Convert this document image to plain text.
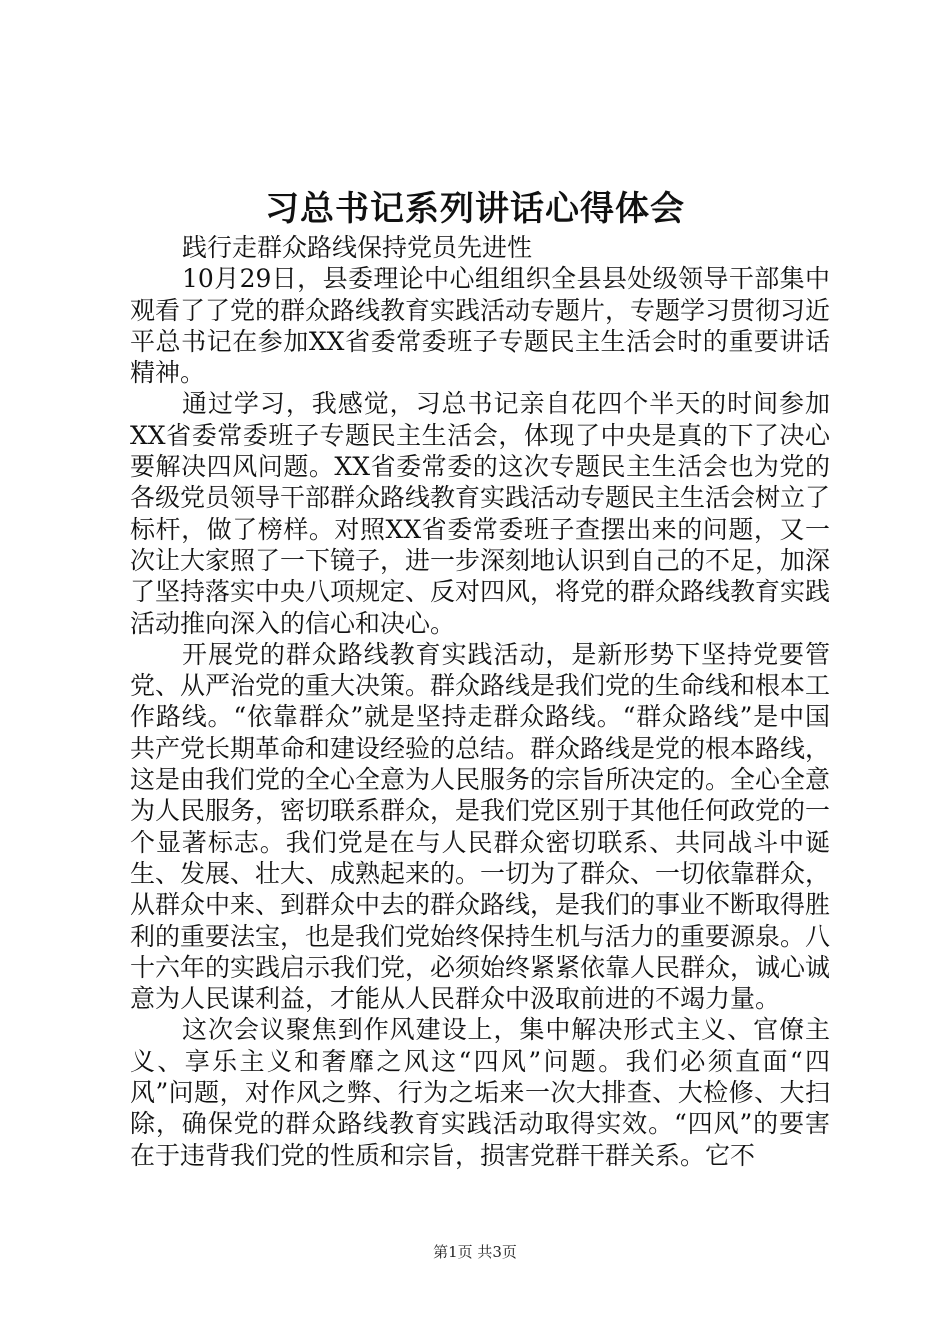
习总书记系列讲话心得体会

践行走群众路线保持党员先进性

10月29日，县委理论中心组组织全县县处级领导干部集中观看了了党的群众路线教育实践活动专题片，专题学习贯彻习近平总书记在参加XX省委常委班子专题民主生活会时的重要讲话精神。

通过学习，我感觉，习总书记亲自花四个半天的时间参加XX省委常委班子专题民主生活会，体现了中央是真的下了决心要解决四风问题。XX省委常委的这次专题民主生活会也为党的各级党员领导干部群众路线教育实践活动专题民主生活会树立了标杆，做了榜样。对照XX省委常委班子查摆出来的问题，又一次让大家照了一下镜子，进一步深刻地认识到自己的不足，加深了坚持落实中央八项规定、反对四风，将党的群众路线教育实践活动推向深入的信心和决心。

开展党的群众路线教育实践活动，是新形势下坚持党要管党、从严治党的重大决策。群众路线是我们党的生命线和根本工作路线。“依靠群众”就是坚持走群众路线。“群众路线”是中国共产党长期革命和建设经验的总结。群众路线是党的根本路线，这是由我们党的全心全意为人民服务的宗旨所决定的。全心全意为人民服务，密切联系群众，是我们党区别于其他任何政党的一个显著标志。我们党是在与人民群众密切联系、共同战斗中诞生、发展、壮大、成熟起来的。一切为了群众、一切依靠群众，从群众中来、到群众中去的群众路线，是我们的事业不断取得胜利的重要法宝，也是我们党始终保持生机与活力的重要源泉。八十六年的实践启示我们党，必须始终紧紧依靠人民群众，诚心诚意为人民谋利益，才能从人民群众中汲取前进的不竭力量。

这次会议聚焦到作风建设上，集中解决形式主义、官僚主义、享乐主义和奢靡之风这“四风”问题。我们必须直面“四风”问题，对作风之弊、行为之垢来一次大排查、大检修、大扫除，确保党的群众路线教育实践活动取得实效。“四风”的要害在于违背我们党的性质和宗旨，损害党群干群关系。它不

第1页 共3页
